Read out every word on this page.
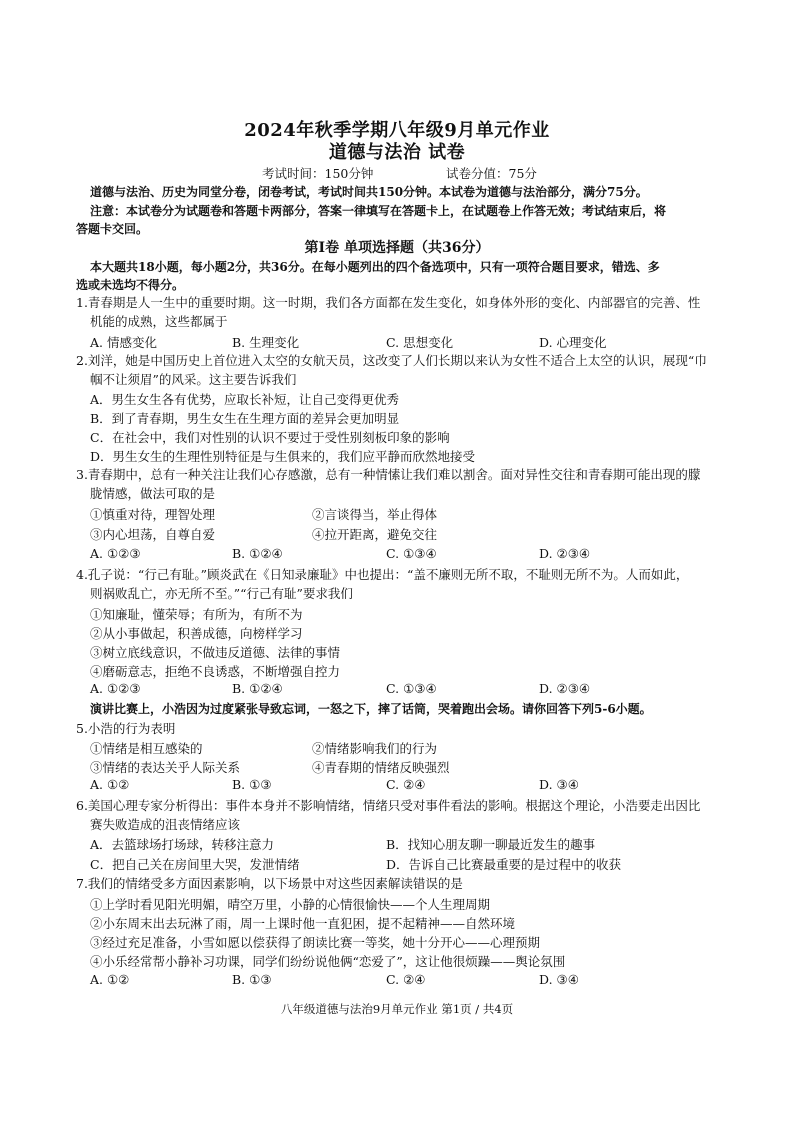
2024年秋季学期八年级9月单元作业
道德与法治 试卷
考试时间：150分钟	试卷分值：75分
道德与法治、历史为同堂分卷，闭卷考试，考试时间共150分钟。本试卷为道德与法治部分，满分75分。
注意：本试卷分为试题卷和答题卡两部分，答案一律填写在答题卡上，在试题卷上作答无效；考试结束后，将
答题卡交回。
第Ⅰ卷 单项选择题（共36分）
本大题共18小题，每小题2分，共36分。在每小题列出的四个备选项中，只有一项符合题目要求，错选、多
选或未选均不得分。
1.青春期是人一生中的重要时期。这一时期，我们各方面都在发生变化，如身体外形的变化、内部器官的完善、性
机能的成熟，这些都属于
A. 情感变化	B. 生理变化	C. 思想变化	D. 心理变化
2.刘洋，她是中国历史上首位进入太空的女航天员，这改变了人们长期以来认为女性不适合上太空的认识，展现“巾
帼不让须眉”的风采。这主要告诉我们
A．男生女生各有优势，应取长补短，让自己变得更优秀
B．到了青春期，男生女生在生理方面的差异会更加明显
C．在社会中，我们对性别的认识不要过于受性别刻板印象的影响
D．男生女生的生理性别特征是与生俱来的，我们应平静而欣然地接受
3.青春期中，总有一种关注让我们心存感激，总有一种情愫让我们难以割舍。面对异性交往和青春期可能出现的朦
胧情感，做法可取的是
①慎重对待，理智处理	②言谈得当，举止得体
③内心坦荡，自尊自爱	④拉开距离，避免交往
A. ①②③	B. ①②④	C. ①③④	D. ②③④
4.孔子说：“行己有耻。”顾炎武在《日知录廉耻》中也提出：“盖不廉则无所不取，不耻则无所不为。人而如此，
则祸败乱亡，亦无所不至。”“行己有耻”要求我们
①知廉耻，懂荣辱；有所为，有所不为
②从小事做起，积善成德，向榜样学习
③树立底线意识，不做违反道德、法律的事情
④磨砺意志，拒绝不良诱惑，不断增强自控力
A. ①②③	B. ①②④	C. ①③④	D. ②③④
演讲比赛上，小浩因为过度紧张导致忘词，一怒之下，摔了话筒，哭着跑出会场。请你回答下列5-6小题。
5.小浩的行为表明
①情绪是相互感染的	②情绪影响我们的行为
③情绪的表达关乎人际关系	④青春期的情绪反映强烈
A. ①②	B. ①③	C. ②④	D. ③④
6.美国心理专家分析得出：事件本身并不影响情绪，情绪只受对事件看法的影响。根据这个理论，小浩要走出因比
赛失败造成的沮丧情绪应该
A．去篮球场打场球，转移注意力	B．找知心朋友聊一聊最近发生的趣事
C．把自己关在房间里大哭，发泄情绪	D．告诉自己比赛最重要的是过程中的收获
7.我们的情绪受多方面因素影响，以下场景中对这些因素解读错误的是
①上学时看见阳光明媚，晴空万里，小静的心情很愉快——个人生理周期
②小东周末出去玩淋了雨，周一上课时他一直犯困，提不起精神——自然环境
③经过充足准备，小雪如愿以偿获得了朗读比赛一等奖，她十分开心——心理预期
④小乐经常帮小静补习功课，同学们纷纷说他俩“恋爱了”，这让他很烦躁——舆论氛围
A. ①②	B. ①③	C. ②④	D. ③④
八年级道德与法治9月单元作业 第1页 / 共4页
